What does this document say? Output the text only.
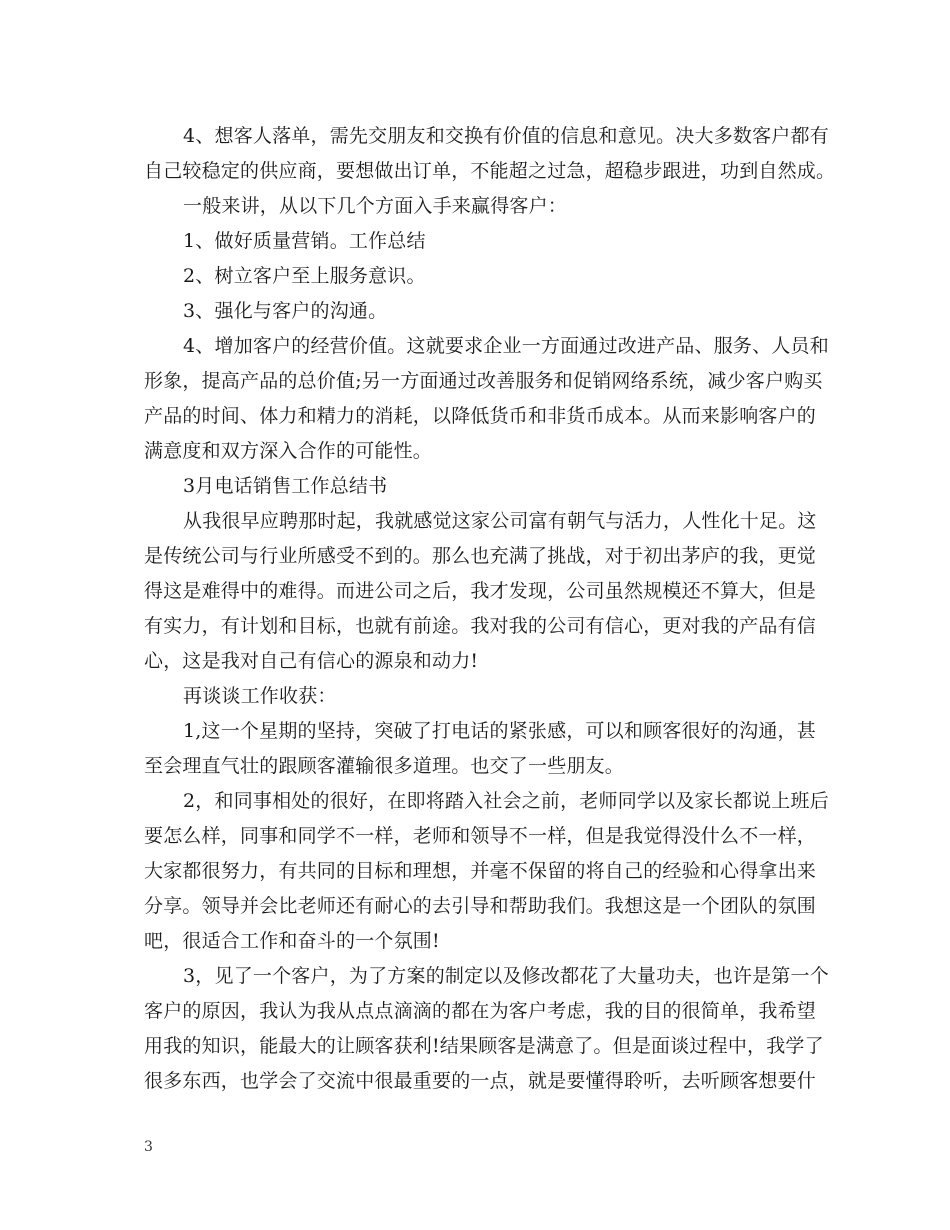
4、想客人落单，需先交朋友和交换有价值的信息和意见。决大多数客户都有
自己较稳定的供应商，要想做出订单，不能超之过急，超稳步跟进，功到自然成。
一般来讲，从以下几个方面入手来赢得客户：
1、做好质量营销。工作总结
2、树立客户至上服务意识。
3、强化与客户的沟通。
4、增加客户的经营价值。这就要求企业一方面通过改进产品、服务、人员和
形象，提高产品的总价值;另一方面通过改善服务和促销网络系统，减少客户购买
产品的时间、体力和精力的消耗，以降低货币和非货币成本。从而来影响客户的
满意度和双方深入合作的可能性。
3月电话销售工作总结书
从我很早应聘那时起，我就感觉这家公司富有朝气与活力，人性化十足。这
是传统公司与行业所感受不到的。那么也充满了挑战，对于初出茅庐的我，更觉
得这是难得中的难得。而进公司之后，我才发现，公司虽然规模还不算大，但是
有实力，有计划和目标，也就有前途。我对我的公司有信心，更对我的产品有信
心，这是我对自己有信心的源泉和动力!
再谈谈工作收获：
1,这一个星期的坚持，突破了打电话的紧张感，可以和顾客很好的沟通，甚
至会理直气壮的跟顾客灌输很多道理。也交了一些朋友。
2，和同事相处的很好，在即将踏入社会之前，老师同学以及家长都说上班后
要怎么样，同事和同学不一样，老师和领导不一样，但是我觉得没什么不一样，
大家都很努力，有共同的目标和理想，并毫不保留的将自己的经验和心得拿出来
分享。领导并会比老师还有耐心的去引导和帮助我们。我想这是一个团队的氛围
吧，很适合工作和奋斗的一个氛围!
3，见了一个客户，为了方案的制定以及修改都花了大量功夫，也许是第一个
客户的原因，我认为我从点点滴滴的都在为客户考虑，我的目的很简单，我希望
用我的知识，能最大的让顾客获利!结果顾客是满意了。但是面谈过程中，我学了
很多东西，也学会了交流中很最重要的一点，就是要懂得聆听，去听顾客想要什
3
